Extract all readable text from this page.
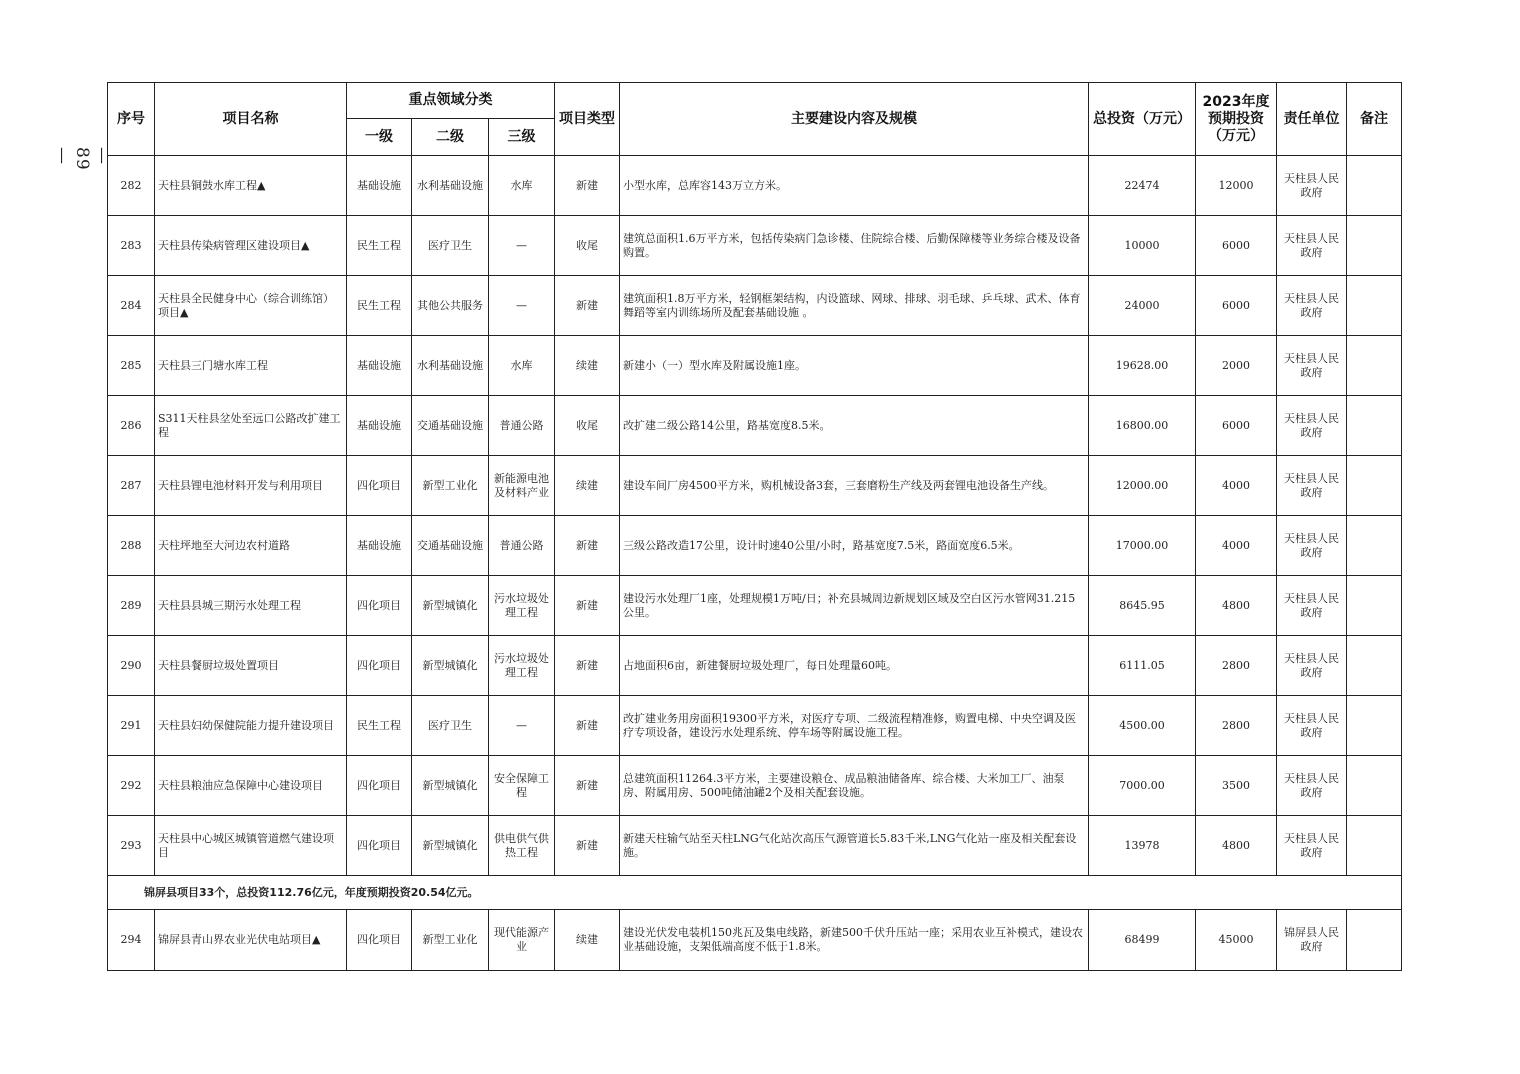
—89—
序号	项目名称	重点领域分类			项目类型	主要建设内容及规模	总投资（万元）	2023年度预期投资（万元）	责任单位	备注
		一级	二级	三级						
282	天柱县铜鼓水库工程▲	基础设施	水利基础设施	水库	新建	小型水库，总库容143万立方米。	22474	12000	天柱县人民政府	
283	天柱县传染病管理区建设项目▲	民生工程	医疗卫生	—	收尾	建筑总面积1.6万平方米，包括传染病门急诊楼、住院综合楼、后勤保障楼等业务综合楼及设备购置。	10000	6000	天柱县人民政府	
284	天柱县全民健身中心（综合训练馆）项目▲	民生工程	其他公共服务	—	新建	建筑面积1.8万平方米，轻钢框架结构，内设篮球、网球、排球、羽毛球、乒乓球、武术、体育舞蹈等室内训练场所及配套基础设施 。	24000	6000	天柱县人民政府	
285	天柱县三门塘水库工程	基础设施	水利基础设施	水库	续建	新建小（一）型水库及附属设施1座。	19628.00	2000	天柱县人民政府	
286	S311天柱县坌处至远口公路改扩建工程	基础设施	交通基础设施	普通公路	收尾	改扩建二级公路14公里，路基宽度8.5米。	16800.00	6000	天柱县人民政府	
287	天柱县锂电池材料开发与利用项目	四化项目	新型工业化	新能源电池及材料产业	续建	建设车间厂房4500平方米，购机械设备3套，三套磨粉生产线及两套锂电池设备生产线。	12000.00	4000	天柱县人民政府	
288	天柱坪地至大河边农村道路	基础设施	交通基础设施	普通公路	新建	三级公路改造17公里，设计时速40公里/小时，路基宽度7.5米，路面宽度6.5米。	17000.00	4000	天柱县人民政府	
289	天柱县县城三期污水处理工程	四化项目	新型城镇化	污水垃圾处理工程	新建	建设污水处理厂1座，处理规模1万吨/日；补充县城周边新规划区域及空白区污水管网31.215公里。	8645.95	4800	天柱县人民政府	
290	天柱县餐厨垃圾处置项目	四化项目	新型城镇化	污水垃圾处理工程	新建	占地面积6亩，新建餐厨垃圾处理厂，每日处理量60吨。	6111.05	2800	天柱县人民政府	
291	天柱县妇幼保健院能力提升建设项目	民生工程	医疗卫生	—	新建	改扩建业务用房面积19300平方米，对医疗专项、二级流程精准修，购置电梯、中央空调及医疗专项设备，建设污水处理系统、停车场等附属设施工程。	4500.00	2800	天柱县人民政府	
292	天柱县粮油应急保障中心建设项目	四化项目	新型城镇化	安全保障工程	新建	总建筑面积11264.3平方米，主要建设粮仓、成品粮油储备库、综合楼、大米加工厂、油泵房、附属用房、500吨储油罐2个及相关配套设施。	7000.00	3500	天柱县人民政府	
293	天柱县中心城区城镇管道燃气建设项目	四化项目	新型城镇化	供电供气供热工程	新建	新建天柱输气站至天柱LNG气化站次高压气源管道长5.83千米,LNG气化站一座及相关配套设施。	13978	4800	天柱县人民政府	
锦屏县项目33个，总投资112.76亿元，年度预期投资20.54亿元。										
294	锦屏县青山界农业光伏电站项目▲	四化项目	新型工业化	现代能源产业	续建	建设光伏发电装机150兆瓦及集电线路，新建500千伏升压站一座；采用农业互补模式，建设农业基础设施，支架低端高度不低于1.8米。	68499	45000	锦屏县人民政府	
